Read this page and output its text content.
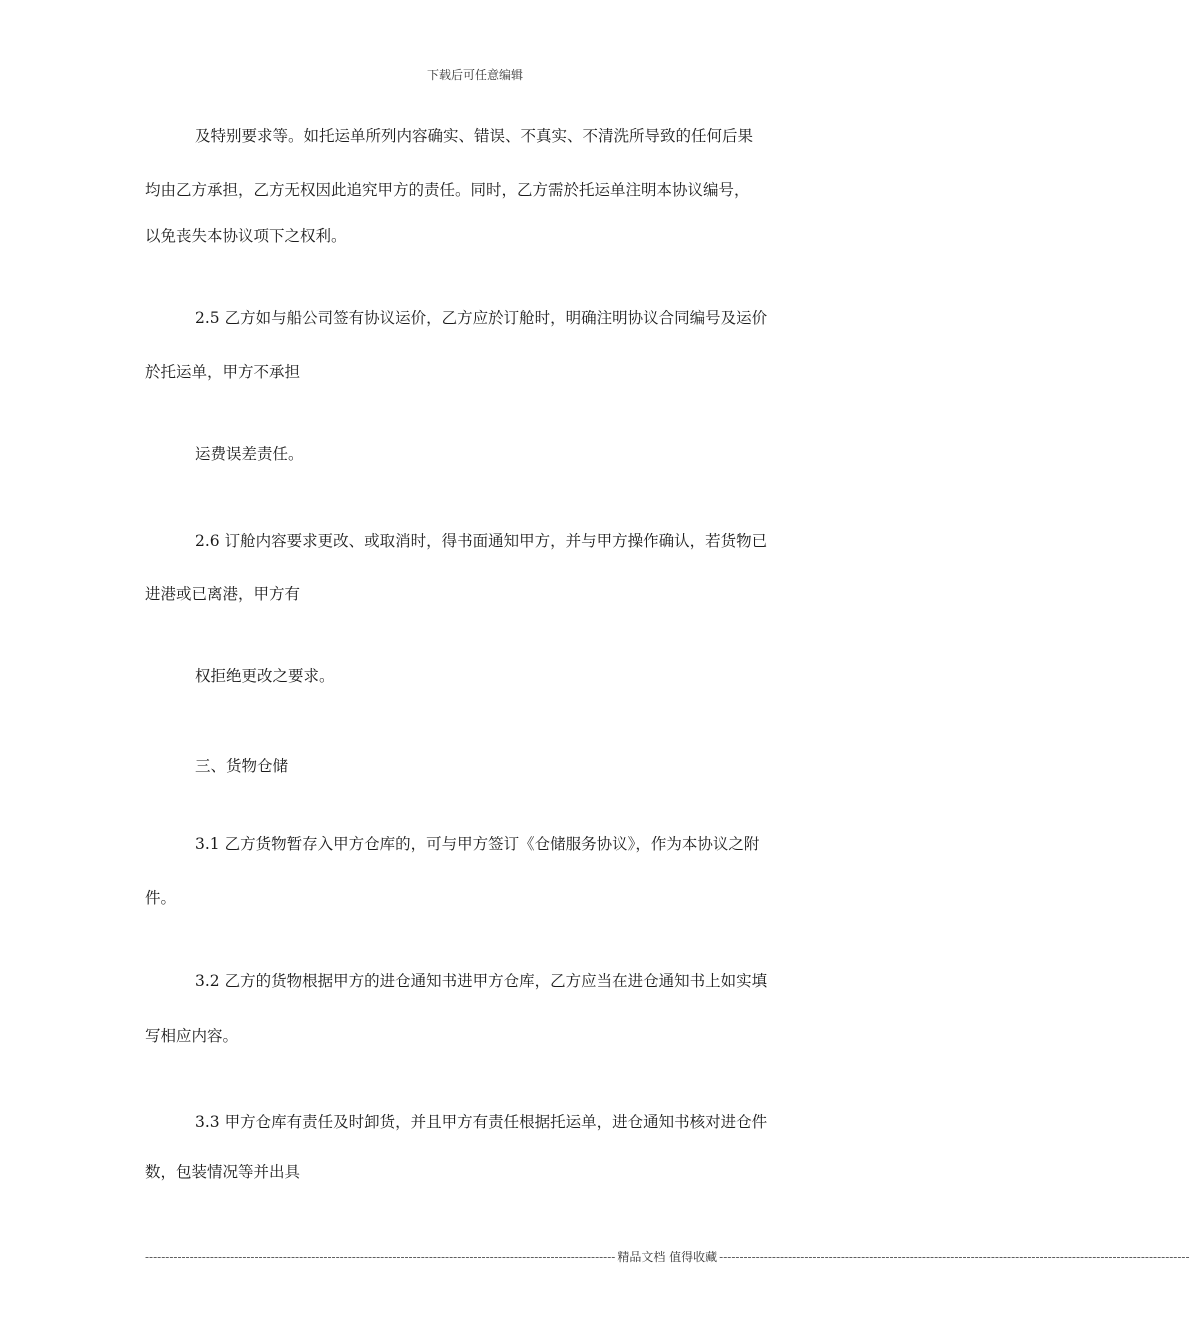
下载后可任意编辑
及特别要求等。如托运单所列内容确实、错误、不真实、不清洗所导致的任何后果
均由乙方承担，乙方无权因此追究甲方的责任。同时，乙方需於托运单注明本协议编号，
以免丧失本协议项下之权利。
2.5 乙方如与船公司签有协议运价，乙方应於订舱时，明确注明协议合同编号及运价
於托运单，甲方不承担
运费误差责任。
2.6 订舱内容要求更改、或取消时，得书面通知甲方，并与甲方操作确认，若货物已
进港或已离港，甲方有
权拒绝更改之要求。
三、货物仓储
3.1 乙方货物暂存入甲方仓库的，可与甲方签订《仓储服务协议》，作为本协议之附
件。
3.2 乙方的货物根据甲方的进仓通知书进甲方仓库，乙方应当在进仓通知书上如实填
写相应内容。
3.3 甲方仓库有责任及时卸货，并且甲方有责任根据托运单，进仓通知书核对进仓件
数，包装情况等并出具
-------------------------------------------------------------------------------------------------------------------- 精品文档 值得收藏 --------------------------------------------------------------------------------------------------------------------
